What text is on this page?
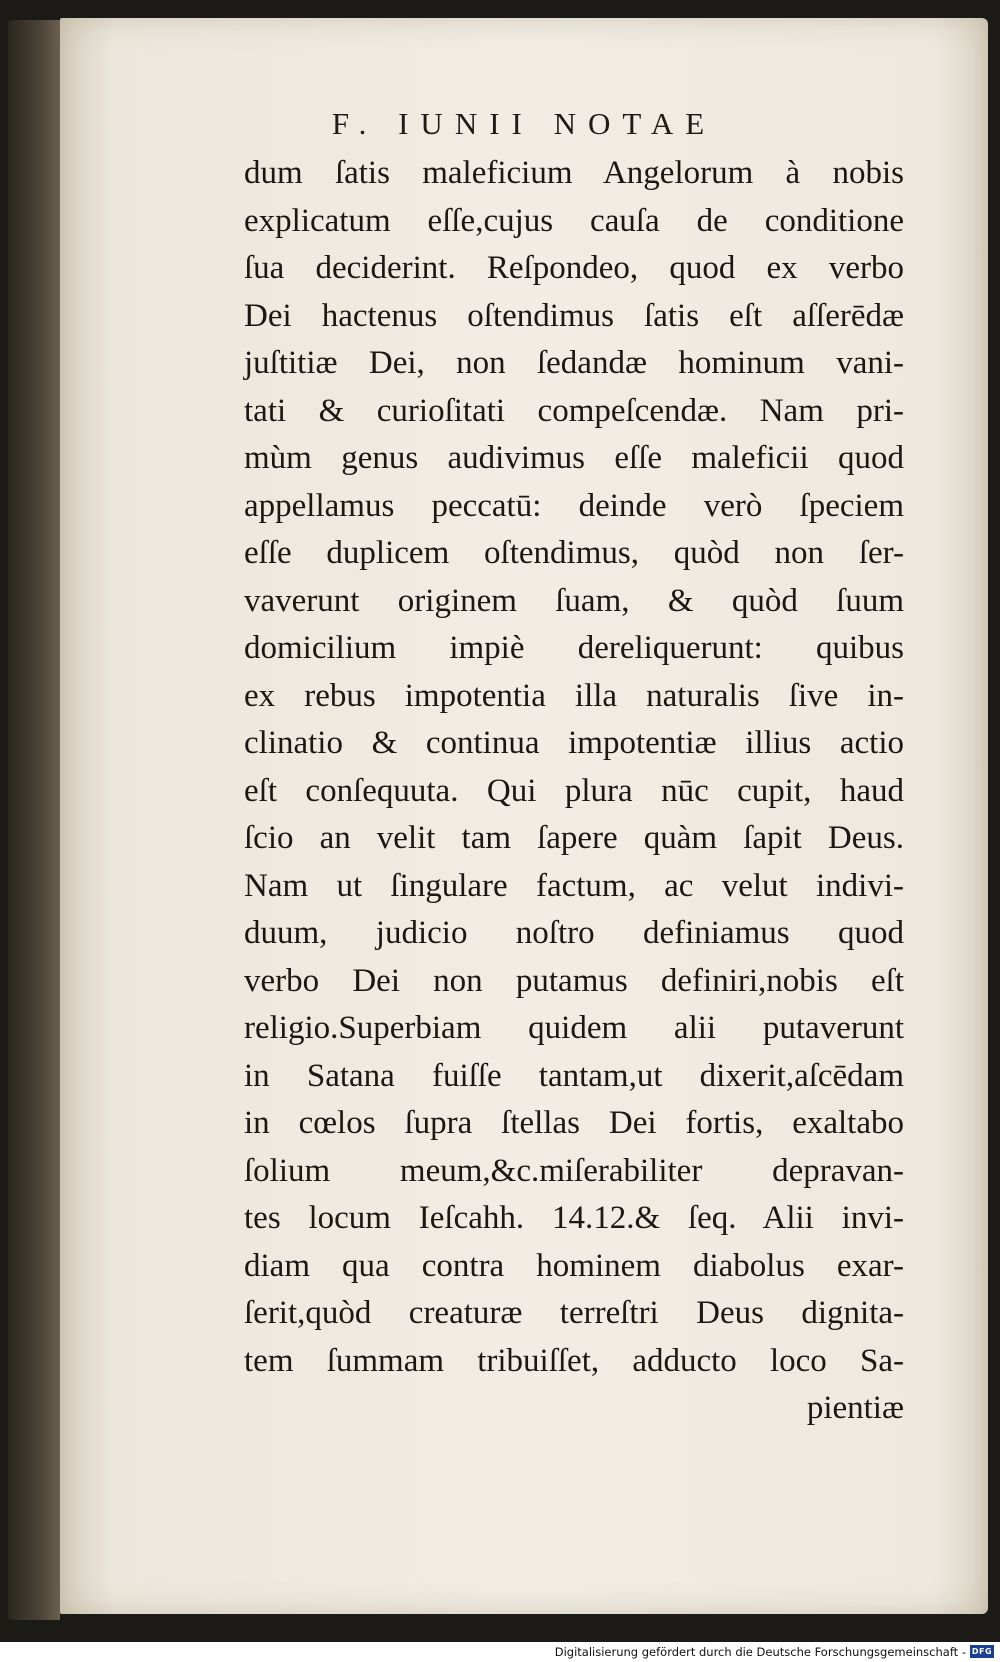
F. IUNII NOTAE
dum ſatis maleficium Angelorum à nobis
explicatum eſſe,cujus cauſa de conditione
ſua deciderint. Reſpondeo, quod ex verbo
Dei hactenus oſtendimus ſatis eſt aſſerēdæ
juſtitiæ Dei, non ſedandæ hominum vani-
tati & curioſitati compeſcendæ. Nam pri-
mùm genus audivimus eſſe maleficii quod
appellamus peccatū: deinde verò ſpeciem
eſſe duplicem oſtendimus, quòd non ſer-
vaverunt originem ſuam, & quòd ſuum
domicilium impiè dereliquerunt: quibus
ex rebus impotentia illa naturalis ſive in-
clinatio & continua impotentiæ illius actio
eſt conſequuta. Qui plura nūc cupit, haud
ſcio an velit tam ſapere quàm ſapit Deus.
Nam ut ſingulare factum, ac velut indivi-
duum, judicio noſtro definiamus quod
verbo Dei non putamus definiri,nobis eſt
religio.Superbiam quidem alii putaverunt
in Satana fuiſſe tantam,ut dixerit,aſcēdam
in cœlos ſupra ſtellas Dei fortis, exaltabo
ſolium meum,&c.miſerabiliter depravan-
tes locum Ieſcahh. 14.12.& ſeq. Alii invi-
diam qua contra hominem diabolus exar-
ſerit,quòd creaturæ terreſtri Deus dignita-
tem ſummam tribuiſſet, adducto loco Sa-
pientiæ
Digitalisierung gefördert durch die Deutsche Forschungsgemeinschaft - DFG
